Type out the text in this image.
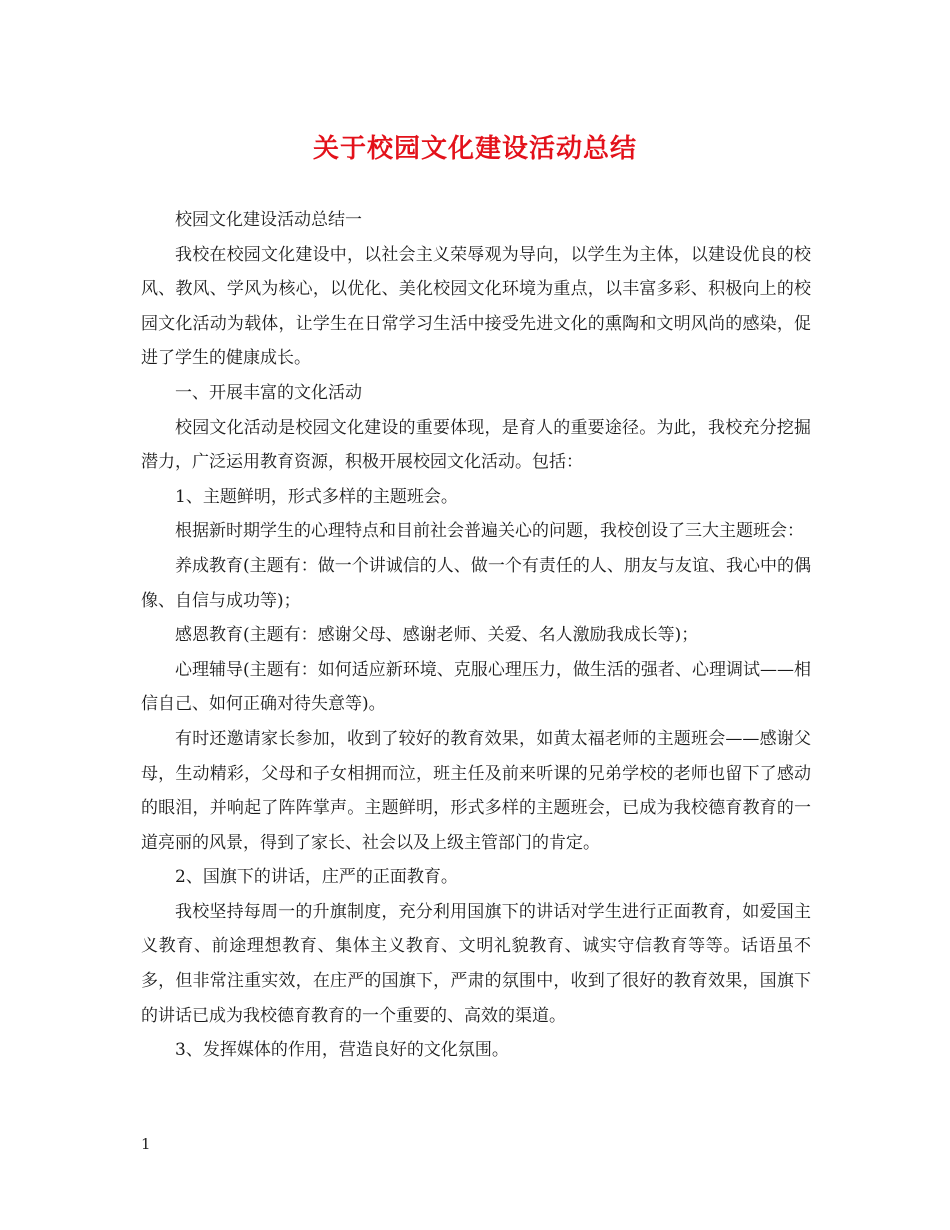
关于校园文化建设活动总结

校园文化建设活动总结一

我校在校园文化建设中，以社会主义荣辱观为导向，以学生为主体，以建设优良的校风、教风、学风为核心，以优化、美化校园文化环境为重点，以丰富多彩、积极向上的校园文化活动为载体，让学生在日常学习生活中接受先进文化的熏陶和文明风尚的感染，促进了学生的健康成长。

一、开展丰富的文化活动

校园文化活动是校园文化建设的重要体现，是育人的重要途径。为此，我校充分挖掘潜力，广泛运用教育资源，积极开展校园文化活动。包括：

1、主题鲜明，形式多样的主题班会。

根据新时期学生的心理特点和目前社会普遍关心的问题，我校创设了三大主题班会：

养成教育(主题有：做一个讲诚信的人、做一个有责任的人、朋友与友谊、我心中的偶像、自信与成功等)；

感恩教育(主题有：感谢父母、感谢老师、关爱、名人激励我成长等)；

心理辅导(主题有：如何适应新环境、克服心理压力，做生活的强者、心理调试——相信自己、如何正确对待失意等)。

有时还邀请家长参加，收到了较好的教育效果，如黄太福老师的主题班会——感谢父母，生动精彩，父母和子女相拥而泣，班主任及前来听课的兄弟学校的老师也留下了感动的眼泪，并响起了阵阵掌声。主题鲜明，形式多样的主题班会，已成为我校德育教育的一道亮丽的风景，得到了家长、社会以及上级主管部门的肯定。

2、国旗下的讲话，庄严的正面教育。

我校坚持每周一的升旗制度，充分利用国旗下的讲话对学生进行正面教育，如爱国主义教育、前途理想教育、集体主义教育、文明礼貌教育、诚实守信教育等等。话语虽不多，但非常注重实效，在庄严的国旗下，严肃的氛围中，收到了很好的教育效果，国旗下的讲话已成为我校德育教育的一个重要的、高效的渠道。

3、发挥媒体的作用，营造良好的文化氛围。

1
